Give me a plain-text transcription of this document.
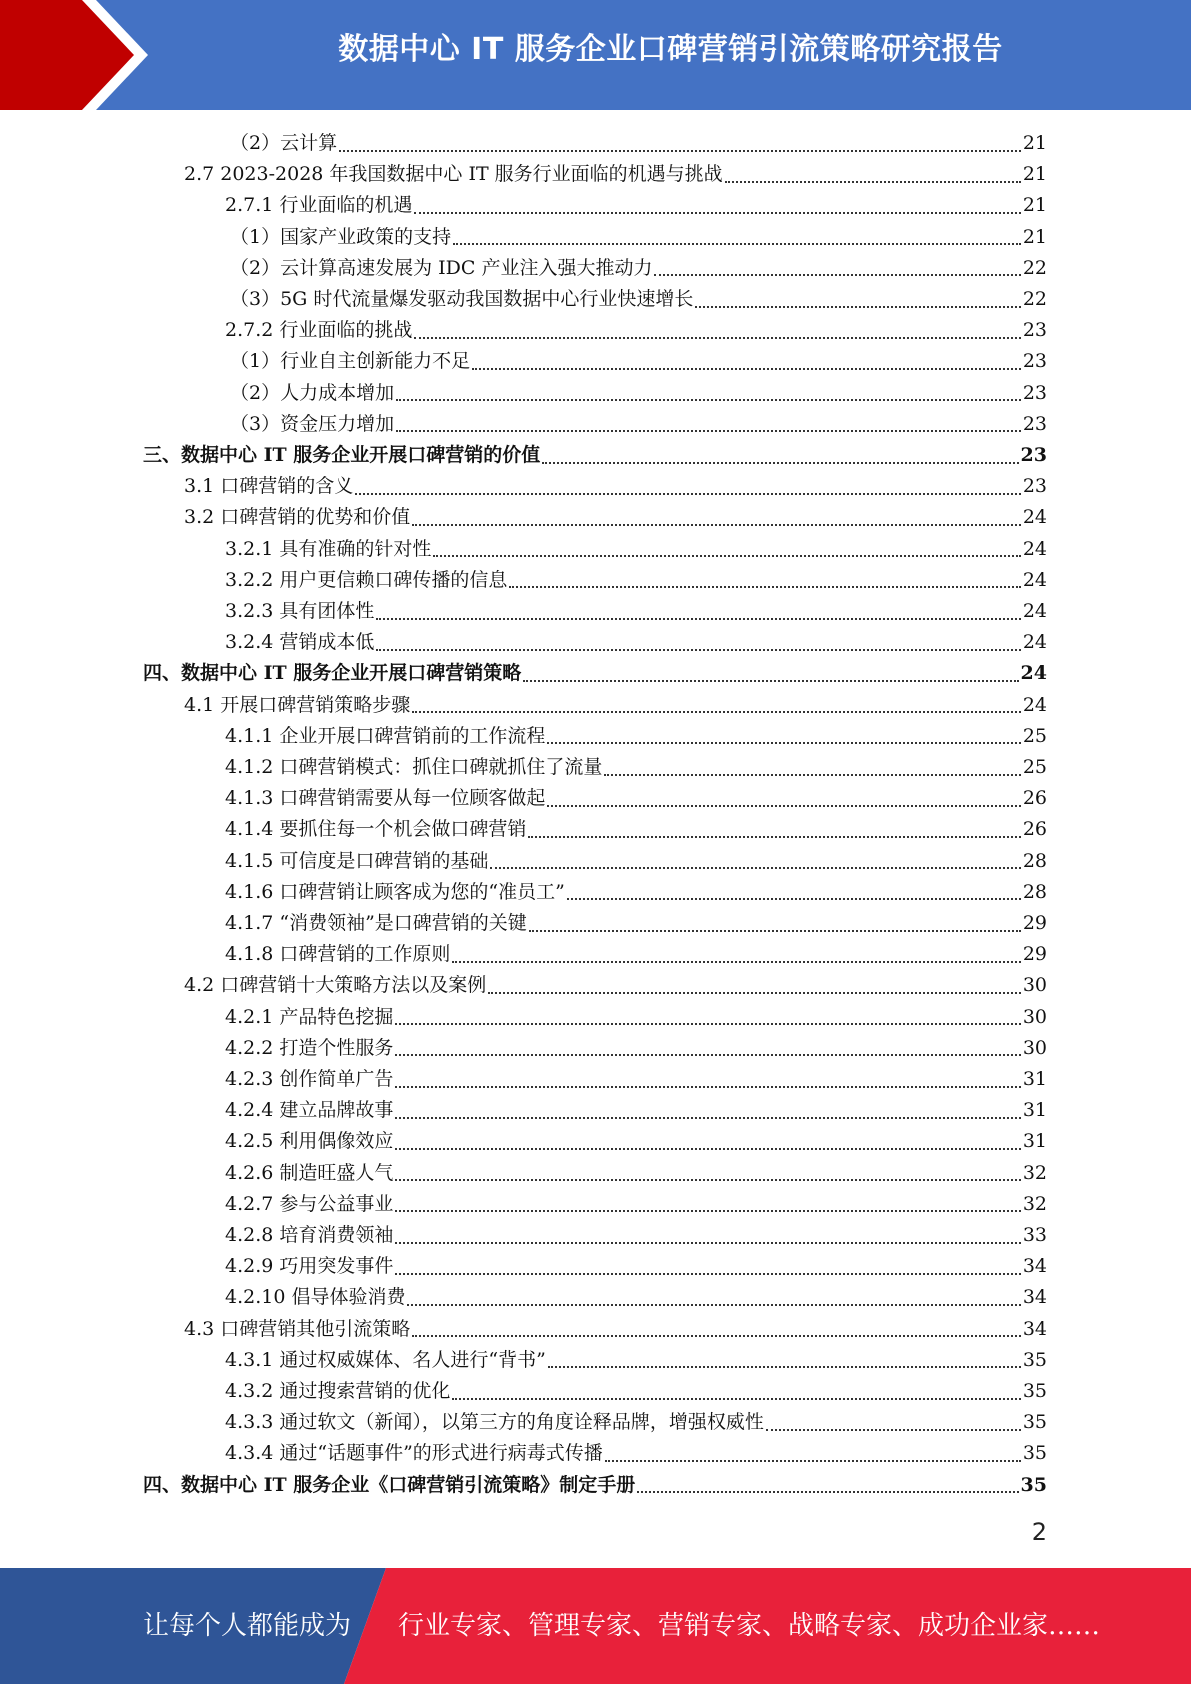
数据中心 IT 服务企业口碑营销引流策略研究报告
（2）云计算	21
2.7 2023-2028 年我国数据中心 IT 服务行业面临的机遇与挑战	21
2.7.1 行业面临的机遇	21
（1）国家产业政策的支持	21
（2）云计算高速发展为 IDC 产业注入强大推动力	22
（3）5G 时代流量爆发驱动我国数据中心行业快速增长	22
2.7.2 行业面临的挑战	23
（1）行业自主创新能力不足	23
（2）人力成本增加	23
（3）资金压力增加	23
三、数据中心 IT 服务企业开展口碑营销的价值	23
3.1 口碑营销的含义	23
3.2 口碑营销的优势和价值	24
3.2.1 具有准确的针对性	24
3.2.2 用户更信赖口碑传播的信息	24
3.2.3 具有团体性	24
3.2.4 营销成本低	24
四、数据中心 IT 服务企业开展口碑营销策略	24
4.1 开展口碑营销策略步骤	24
4.1.1 企业开展口碑营销前的工作流程	25
4.1.2 口碑营销模式：抓住口碑就抓住了流量	25
4.1.3 口碑营销需要从每一位顾客做起	26
4.1.4 要抓住每一个机会做口碑营销	26
4.1.5 可信度是口碑营销的基础	28
4.1.6 口碑营销让顾客成为您的“准员工”	28
4.1.7 “消费领袖”是口碑营销的关键	29
4.1.8 口碑营销的工作原则	29
4.2 口碑营销十大策略方法以及案例	30
4.2.1 产品特色挖掘	30
4.2.2 打造个性服务	30
4.2.3 创作简单广告	31
4.2.4 建立品牌故事	31
4.2.5 利用偶像效应	31
4.2.6 制造旺盛人气	32
4.2.7 参与公益事业	32
4.2.8 培育消费领袖	33
4.2.9 巧用突发事件	34
4.2.10 倡导体验消费	34
4.3 口碑营销其他引流策略	34
4.3.1 通过权威媒体、名人进行“背书”	35
4.3.2 通过搜索营销的优化	35
4.3.3 通过软文（新闻），以第三方的角度诠释品牌，增强权威性	35
4.3.4 通过“话题事件”的形式进行病毒式传播	35
四、数据中心 IT 服务企业《口碑营销引流策略》制定手册	35
2
让每个人都能成为 行业专家、管理专家、营销专家、战略专家、成功企业家……
